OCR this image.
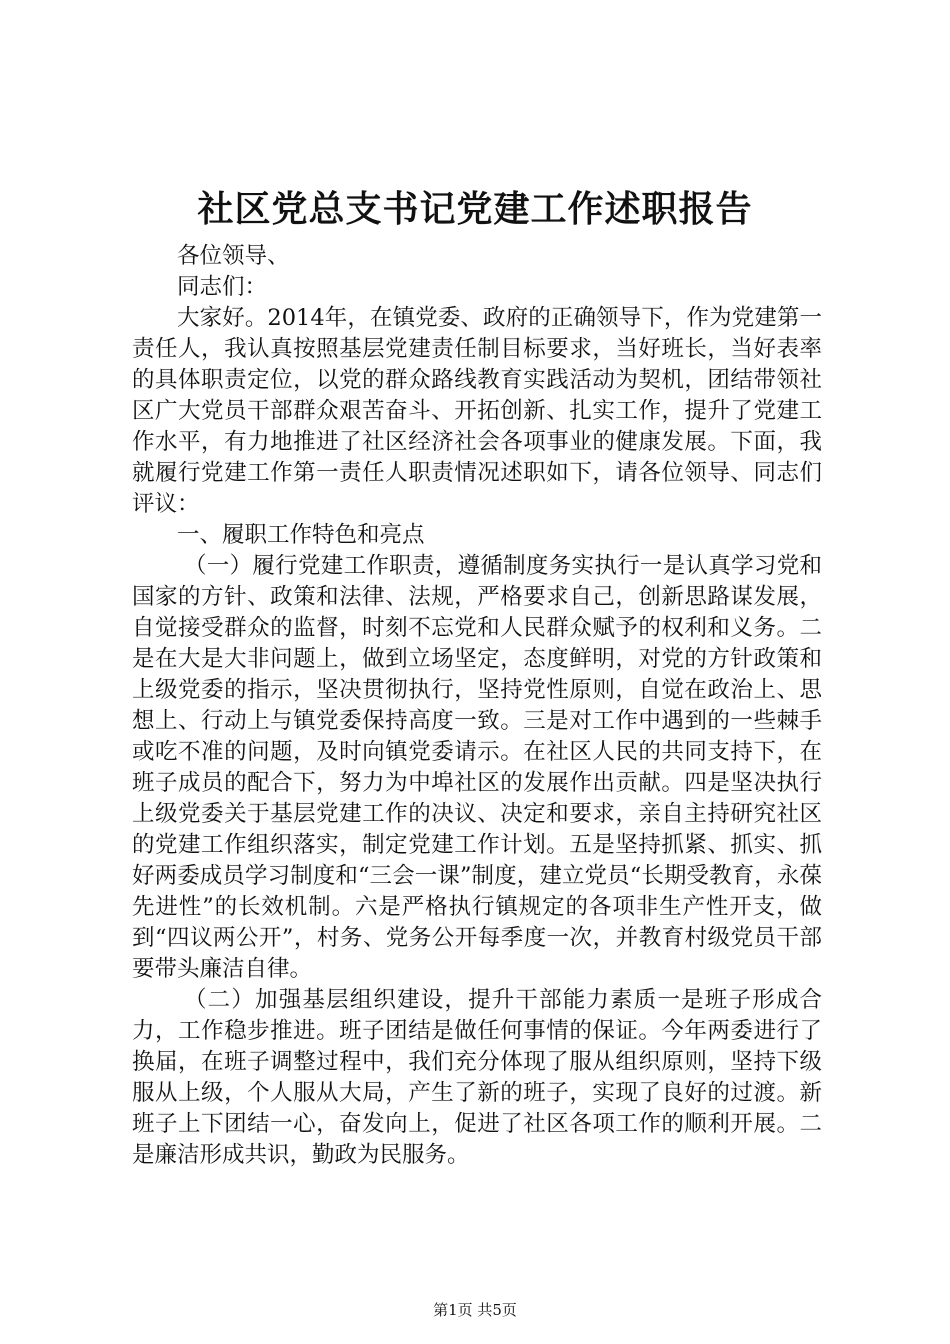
社区党总支书记党建工作述职报告

各位领导、

同志们：

大家好。2014年，在镇党委、政府的正确领导下，作为党建第一责任人，我认真按照基层党建责任制目标要求，当好班长，当好表率的具体职责定位，以党的群众路线教育实践活动为契机，团结带领社区广大党员干部群众艰苦奋斗、开拓创新、扎实工作，提升了党建工作水平，有力地推进了社区经济社会各项事业的健康发展。下面，我就履行党建工作第一责任人职责情况述职如下，请各位领导、同志们评议：

一、履职工作特色和亮点

（一）履行党建工作职责，遵循制度务实执行一是认真学习党和国家的方针、政策和法律、法规，严格要求自己，创新思路谋发展，自觉接受群众的监督，时刻不忘党和人民群众赋予的权利和义务。二是在大是大非问题上，做到立场坚定，态度鲜明，对党的方针政策和上级党委的指示，坚决贯彻执行，坚持党性原则，自觉在政治上、思想上、行动上与镇党委保持高度一致。三是对工作中遇到的一些棘手或吃不准的问题，及时向镇党委请示。在社区人民的共同支持下，在班子成员的配合下，努力为中埠社区的发展作出贡献。四是坚决执行上级党委关于基层党建工作的决议、决定和要求，亲自主持研究社区的党建工作组织落实，制定党建工作计划。五是坚持抓紧、抓实、抓好两委成员学习制度和“三会一课”制度，建立党员“长期受教育，永葆先进性”的长效机制。六是严格执行镇规定的各项非生产性开支，做到“四议两公开”，村务、党务公开每季度一次，并教育村级党员干部要带头廉洁自律。

（二）加强基层组织建设，提升干部能力素质一是班子形成合力，工作稳步推进。班子团结是做任何事情的保证。今年两委进行了换届，在班子调整过程中，我们充分体现了服从组织原则，坚持下级服从上级，个人服从大局，产生了新的班子，实现了良好的过渡。新班子上下团结一心，奋发向上，促进了社区各项工作的顺利开展。二是廉洁形成共识，勤政为民服务。

第1页 共5页
